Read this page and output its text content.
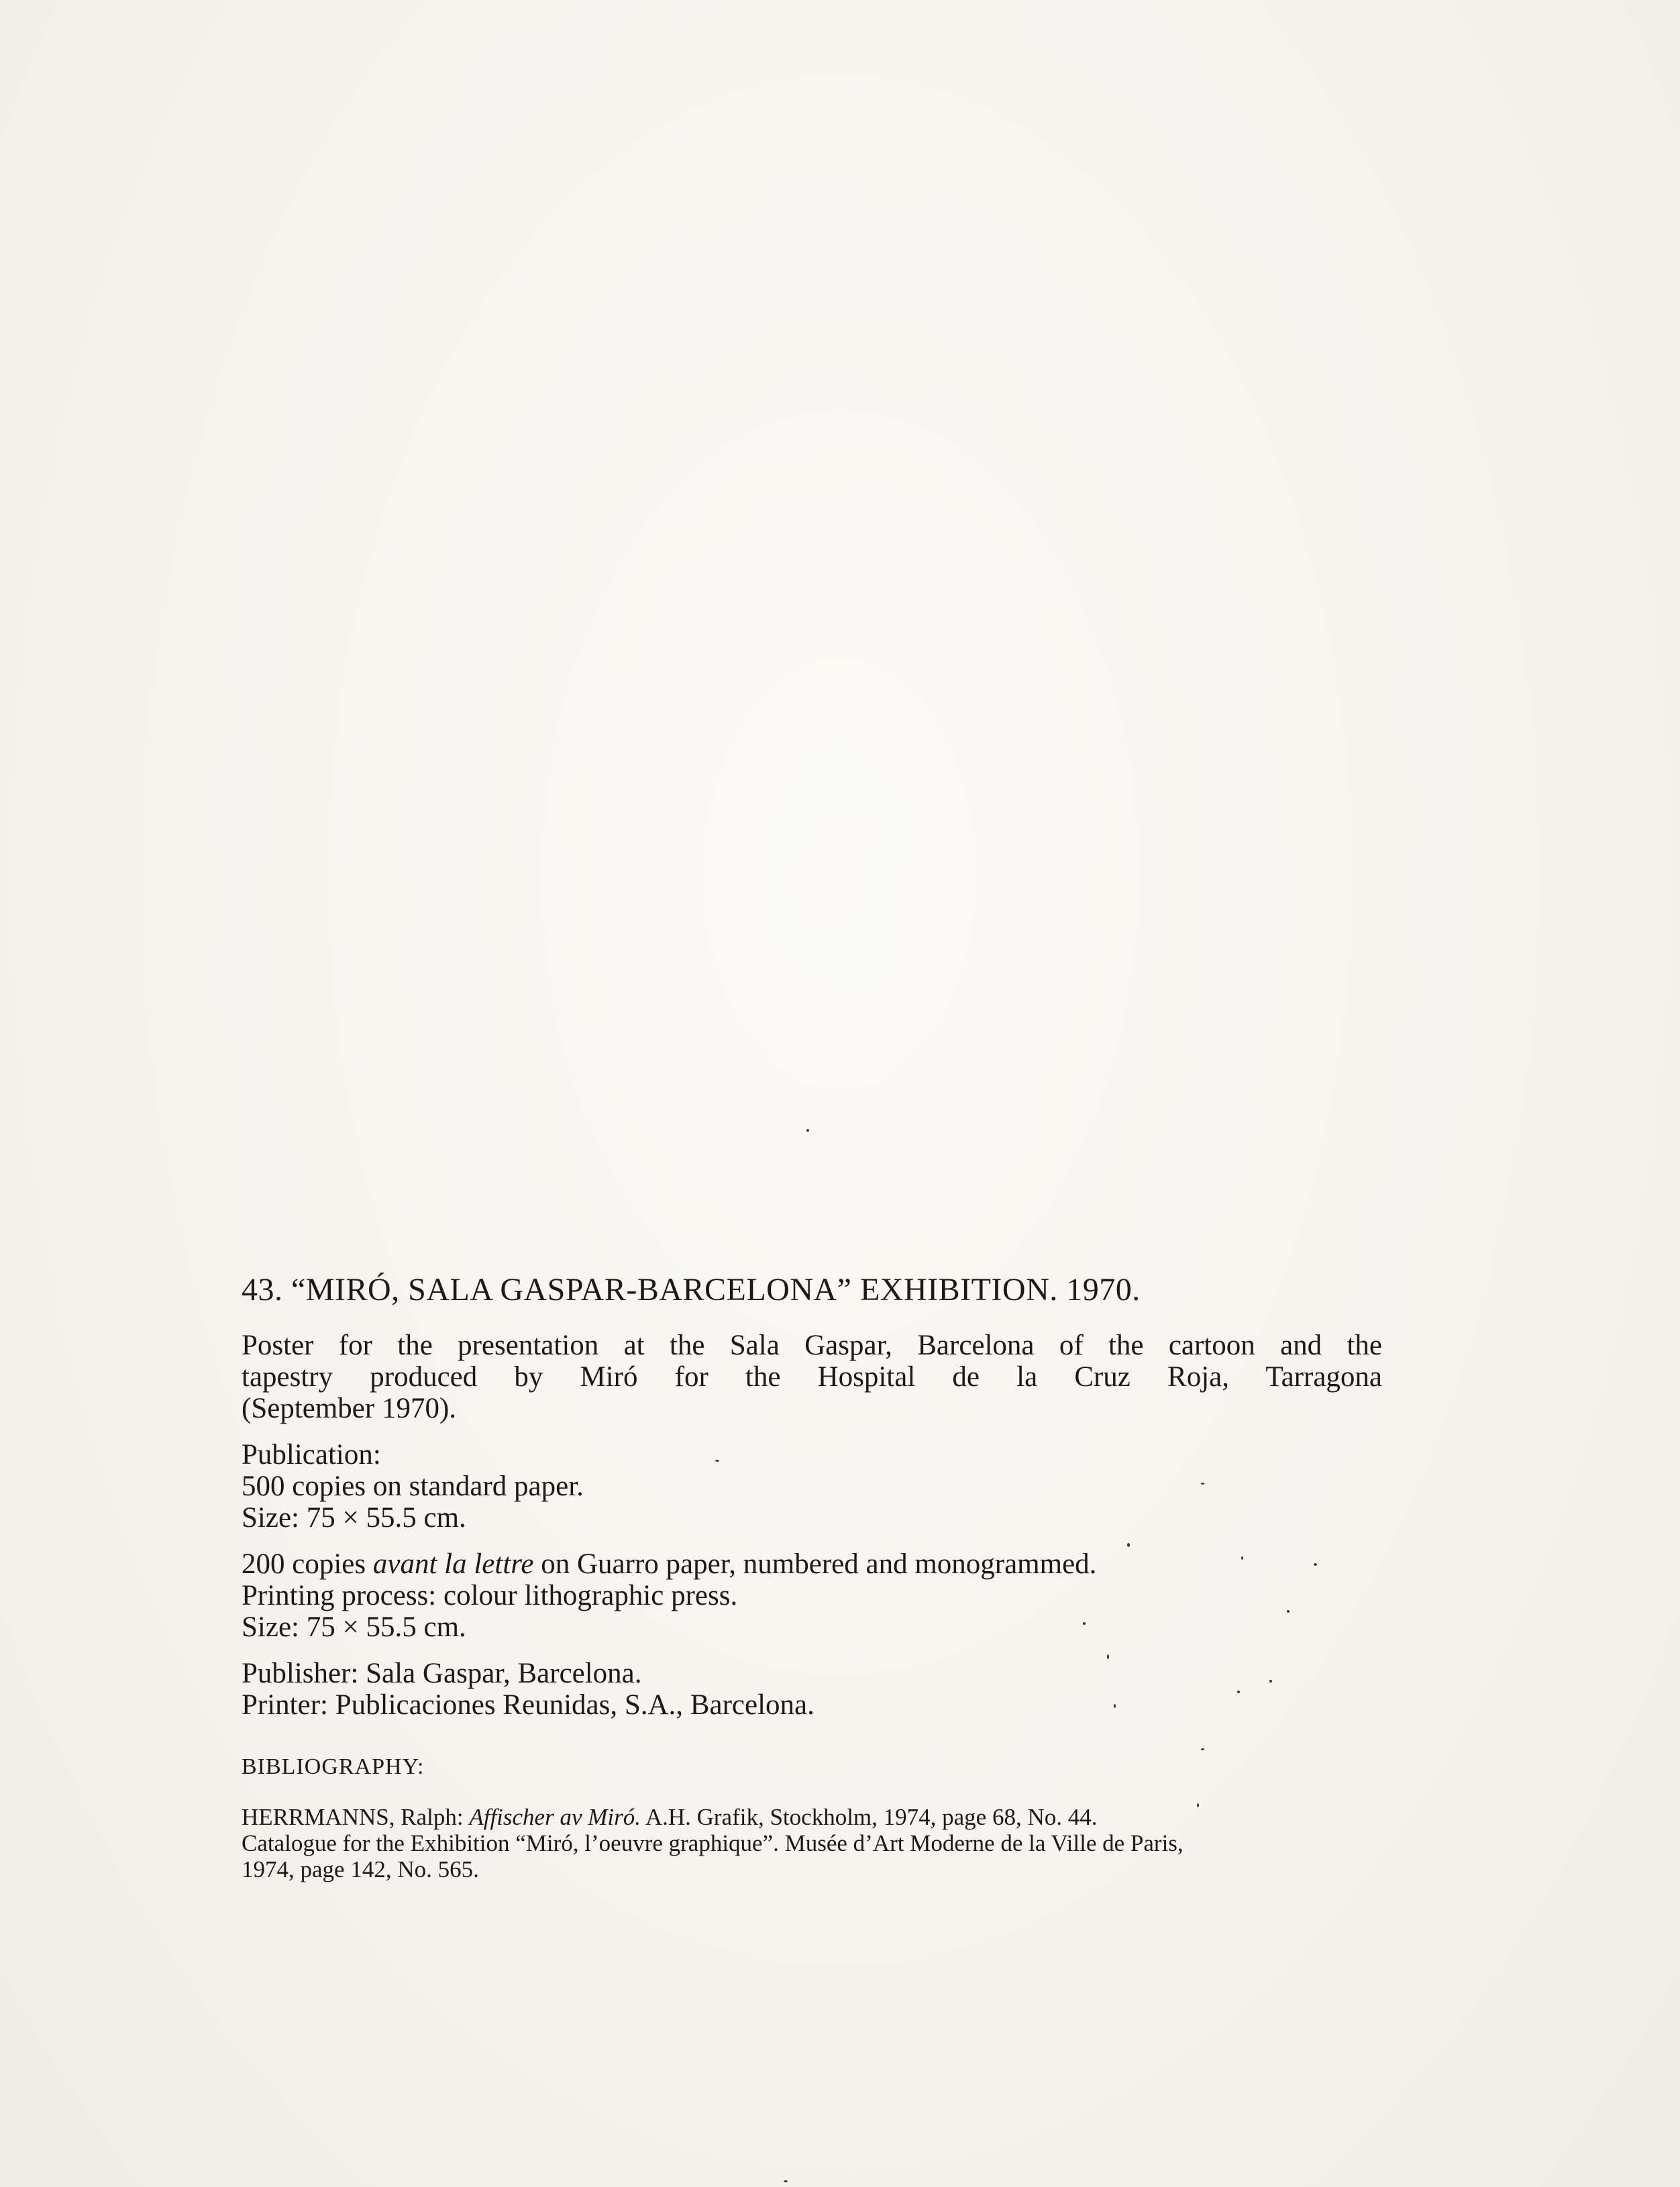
43. “MIRÓ, SALA GASPAR-BARCELONA” EXHIBITION. 1970.

Poster for the presentation at the Sala Gaspar, Barcelona of the cartoon and the
tapestry produced by Miró for the Hospital de la Cruz Roja, Tarragona
(September 1970).

Publication:
500 copies on standard paper.
Size: 75 × 55.5 cm.
200 copies avant la lettre on Guarro paper, numbered and monogrammed.
Printing process: colour lithographic press.
Size: 75 × 55.5 cm.
Publisher: Sala Gaspar, Barcelona.
Printer: Publicaciones Reunidas, S.A., Barcelona.
BIBLIOGRAPHY:

HERRMANNS, Ralph: Affischer av Miró. A.H. Grafik, Stockholm, 1974, page 68, No. 44.

Catalogue for the Exhibition “Miró, l’oeuvre graphique”. Musée d’Art Moderne de la Ville de Paris,
1974, page 142, No. 565.
